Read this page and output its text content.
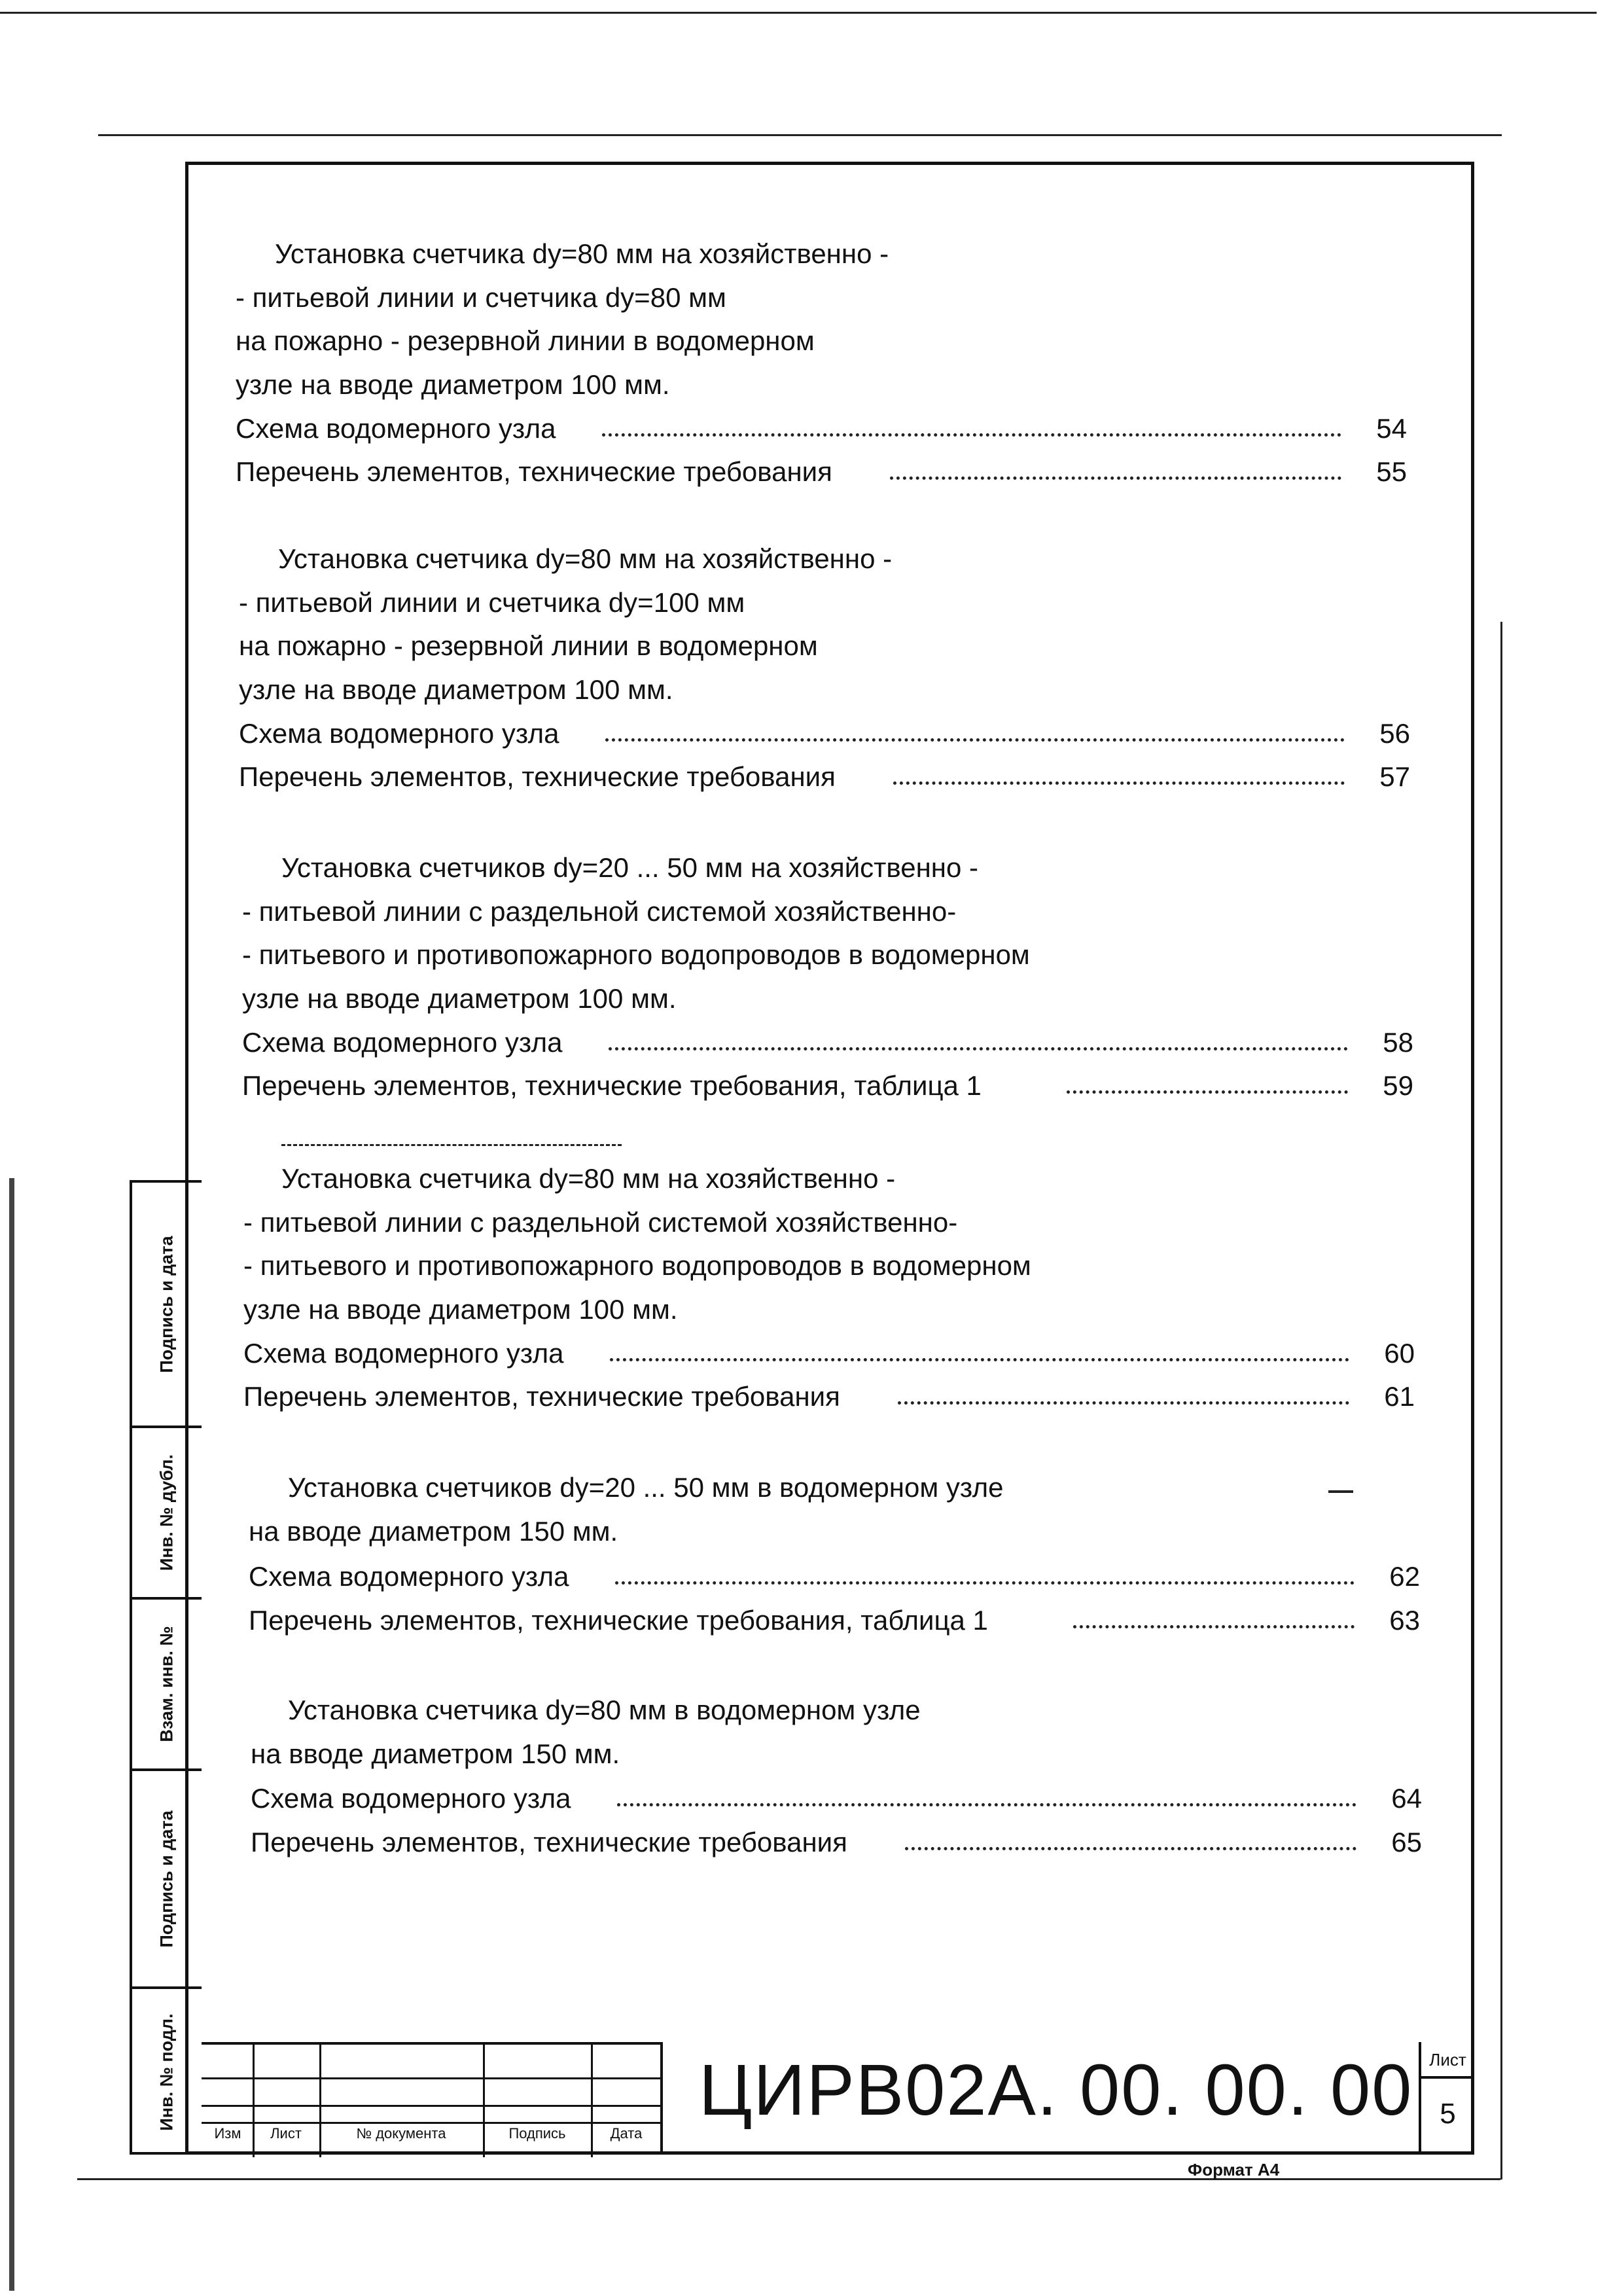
Подпись и дата
Инв. № дубл.
Взам. инв. №
Подпись и дата
Инв. № подл.
Установка счетчика dy=80 мм на хозяйственно -
- питьевой линии и счетчика dy=80 мм
на пожарно - резервной линии в водомерном
узле на вводе диаметром 100 мм.
Схема водомерного узла	54
Перечень элементов, технические требования	55
Установка счетчика dy=80 мм на хозяйственно -
- питьевой линии и счетчика dy=100 мм
на пожарно - резервной линии в водомерном
узле на вводе диаметром 100 мм.
Схема водомерного узла	56
Перечень элементов, технические требования	57
Установка счетчиков dy=20 ... 50 мм на хозяйственно -
- питьевой линии с раздельной системой хозяйственно-
- питьевого и противопожарного водопроводов в водомерном
узле на вводе диаметром 100 мм.
Схема водомерного узла	58
Перечень элементов, технические требования, таблица 1	59
Установка счетчика dy=80 мм на хозяйственно -
- питьевой линии с раздельной системой хозяйственно-
- питьевого и противопожарного водопроводов в водомерном
узле на вводе диаметром 100 мм.
Схема водомерного узла	60
Перечень элементов, технические требования	61
Установка счетчиков dy=20 ... 50 мм в водомерном узле
на вводе диаметром 150 мм.
Схема водомерного узла	62
Перечень элементов, технические требования, таблица 1	63
Установка счетчика dy=80 мм в водомерном узле
на вводе диаметром 150 мм.
Схема водомерного узла	64
Перечень элементов, технические требования	65
Изм	Лист	№ документа	Подпись	Дата
ЦИРВ02А. 00. 00. 00 Лист
5
Формат А4
